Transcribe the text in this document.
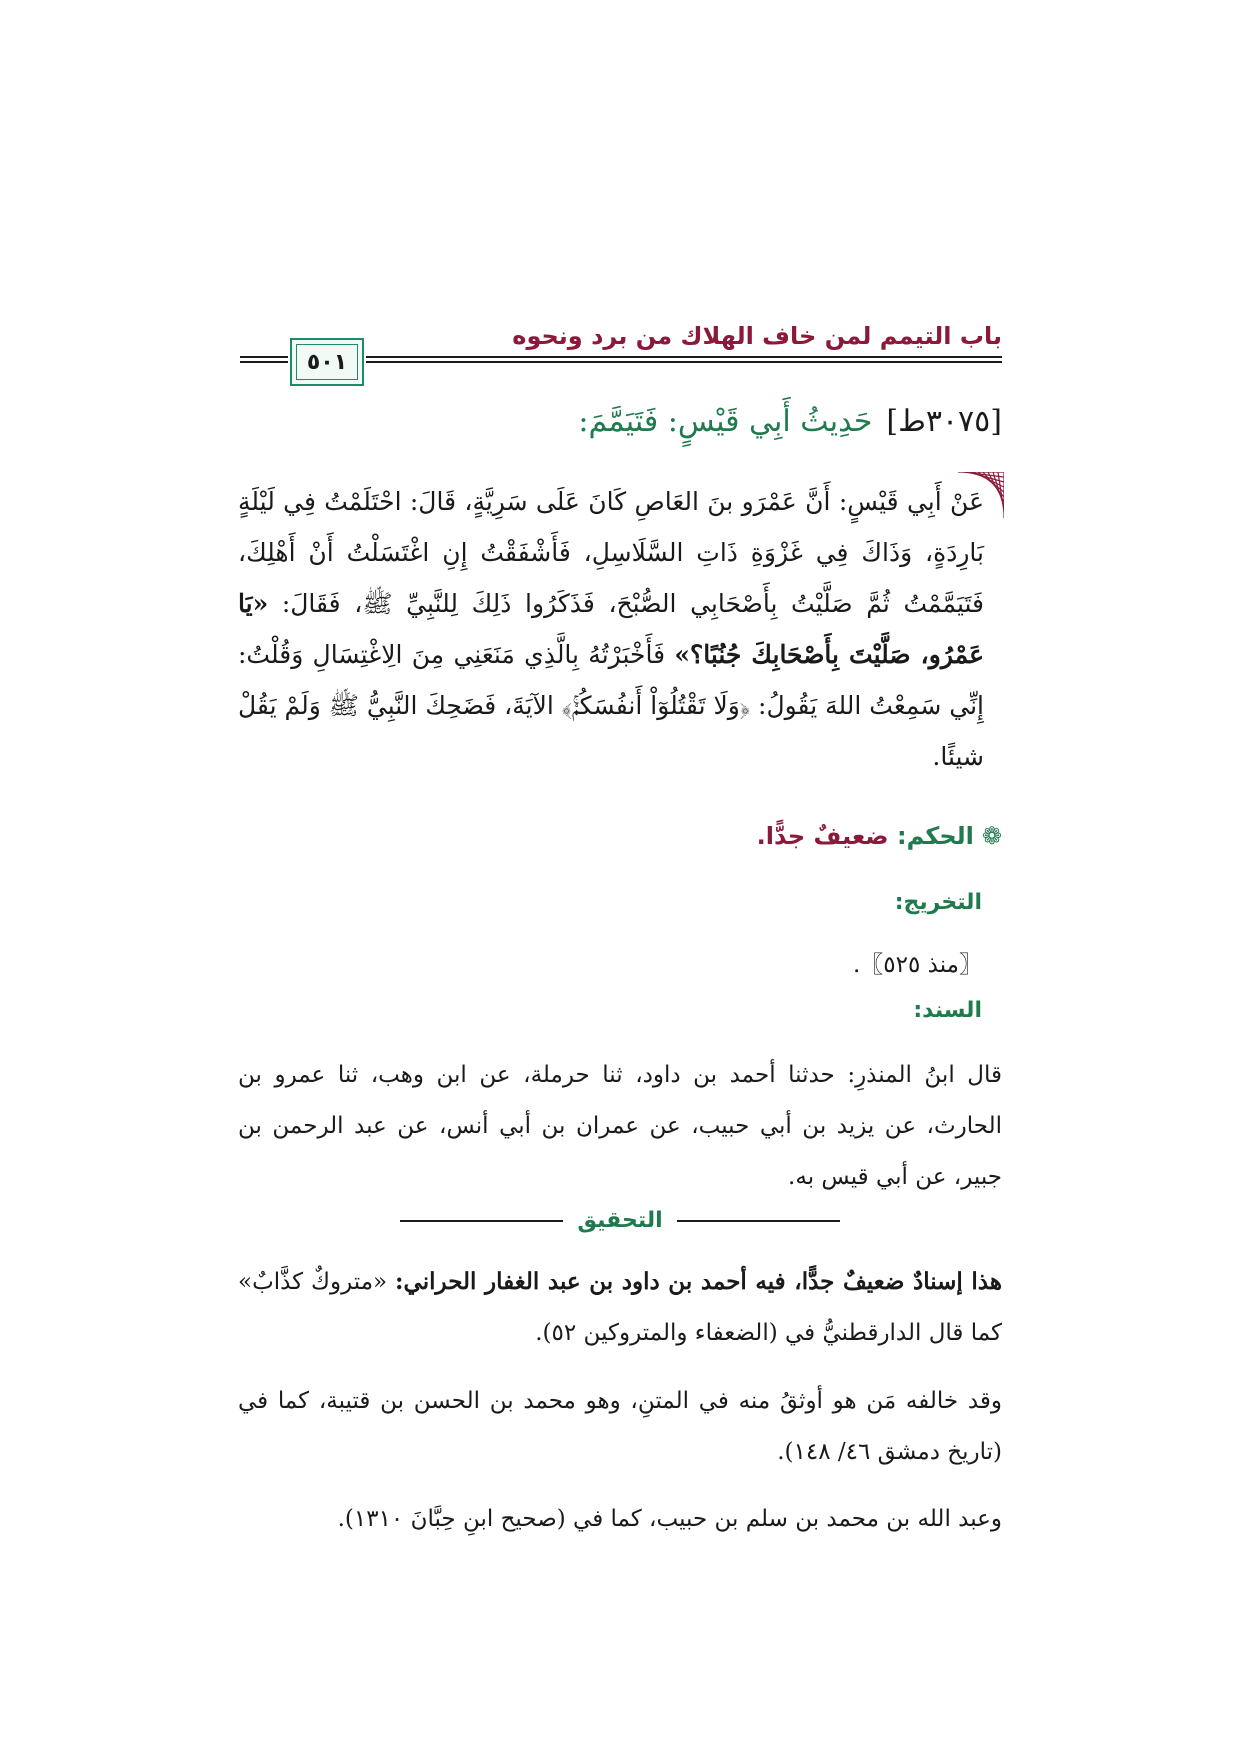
باب التيمم لمن خاف الهلاك من برد ونحوه
٥٠١
[٣٠٧٥ط]حَدِيثُ أَبِي قَيْسٍ: فَتَيَمَّمَ:
عَنْ أَبِي قَيْسٍ: أَنَّ عَمْرَو بنَ العَاصِ كَانَ عَلَى سَرِيَّةٍ، قَالَ: احْتَلَمْتُ فِي لَيْلَةٍ بَارِدَةٍ، وَذَاكَ فِي غَزْوَةِ ذَاتِ السَّلَاسِلِ، فَأَشْفَقْتُ إِنِ اغْتَسَلْتُ أَنْ أَهْلِكَ، فَتَيَمَّمْتُ ثُمَّ صَلَّيْتُ بِأَصْحَابِي الصُّبْحَ، فَذَكَرُوا ذَلِكَ لِلنَّبِيِّ ﷺ، فَقَالَ: «يَا عَمْرُو، صَلَّيْتَ بِأَصْحَابِكَ جُنُبًا؟» فَأَخْبَرْتُهُ بِالَّذِي مَنَعَنِي مِنَ الِاغْتِسَالِ وَقُلْتُ: إِنِّي سَمِعْتُ اللهَ يَقُولُ: ﴿وَلَا تَقْتُلُوٓاْ أَنفُسَكُمْۚ﴾ الآيَةَ، فَضَحِكَ النَّبِيُّ ﷺ وَلَمْ يَقُلْ شيئًا.
❁الحكم: ضعيفٌ جدًّا.
التخريج:
〖منذ ٥٢٥〗.
السند:
قال ابنُ المنذرِ: حدثنا أحمد بن داود، ثنا حرملة، عن ابن وهب، ثنا عمرو بن الحارث، عن يزيد بن أبي حبيب، عن عمران بن أبي أنس، عن عبد الرحمن بن جبير، عن أبي قيس به.
التحقيق
هذا إسنادٌ ضعيفٌ جدًّا، فيه أحمد بن داود بن عبد الغفار الحراني: «متروكٌ كذَّابٌ» كما قال الدارقطنيُّ في (الضعفاء والمتروكين ٥٢).
وقد خالفه مَن هو أوثقُ منه في المتنِ، وهو محمد بن الحسن بن قتيبة، كما في (تاريخ دمشق ٤٦/ ١٤٨).
وعبد الله بن محمد بن سلم بن حبيب، كما في (صحيح ابنِ حِبَّانَ ١٣١٠).
